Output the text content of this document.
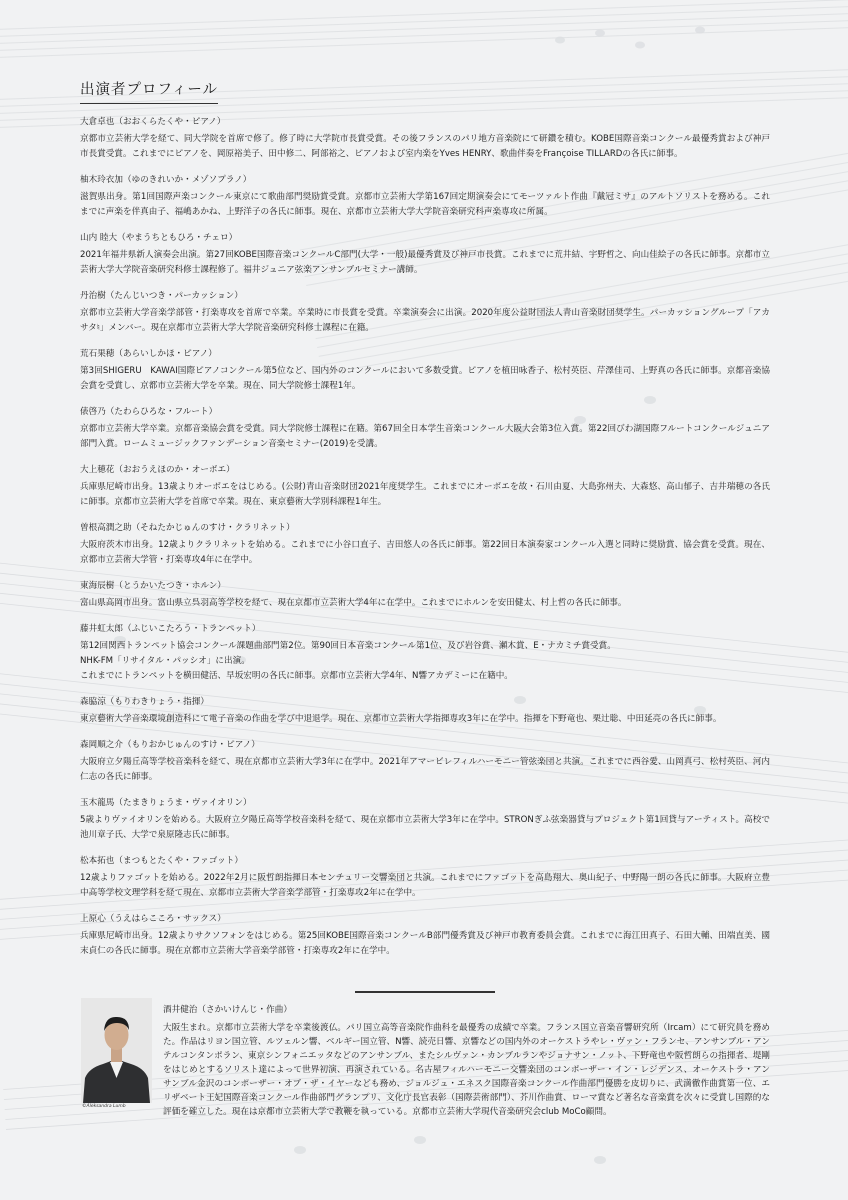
出演者プロフィール
大倉卓也（おおくらたくや・ピアノ）
京都市立芸術大学を経て、同大学院を首席で修了。修了時に大学院市長賞受賞。その後フランスのパリ地方音楽院にて研鑽を積む。KOBE国際音楽コンクール最優秀賞および神戸市長賞受賞。これまでにピアノを、岡原裕美子、田中修二、阿部裕之、ピアノおよび室内楽をYves HENRY、歌曲伴奏をFrançoise TILLARDの各氏に師事。
柚木玲衣加（ゆのきれいか・メゾソプラノ）
滋賀県出身。第1回国際声楽コンクール東京にて歌曲部門奨励賞受賞。京都市立芸術大学第167回定期演奏会にてモーツァルト作曲『戴冠ミサ』のアルトソリストを務める。これまでに声楽を伴真由子、福嶋あかね、上野洋子の各氏に師事。現在、京都市立芸術大学大学院音楽研究科声楽専攻に所属。
山内 睦大（やまうちともひろ・チェロ）
2021年福井県新人演奏会出演。第27回KOBE国際音楽コンクールC部門(大学・一般)最優秀賞及び神戸市長賞。これまでに荒井結、宇野哲之、向山佳絵子の各氏に師事。京都市立芸術大学大学院音楽研究科修士課程修了。福井ジュニア弦楽アンサンブルセミナー講師。
丹治樹（たんじいつき・パーカッション）
京都市立芸術大学音楽学部管・打楽専攻を首席で卒業。卒業時に市長賞を受賞。卒業演奏会に出演。2020年度公益財団法人青山音楽財団奨学生。パーカッショングループ「アカサタ♮」メンバー。現在京都市立芸術大学大学院音楽研究科修士課程に在籍。
荒石果穂（あらいしかほ・ピアノ）
第3回SHIGERU　KAWAI国際ピアノコンクール第5位など、国内外のコンクールにおいて多数受賞。ピアノを植田咏香子、松村英臣、芹澤佳司、上野真の各氏に師事。京都音楽協会賞を受賞し、京都市立芸術大学を卒業。現在、同大学院修士課程1年。
俵啓乃（たわらひろな・フルート）
京都市立芸術大学卒業。京都音楽協会賞を受賞。同大学院修士課程に在籍。第67回全日本学生音楽コンクール大阪大会第3位入賞。第22回びわ湖国際フルートコンクールジュニア部門入賞。ロームミュージックファンデーション音楽セミナー(2019)を受講。
大上穂花（おおうえほのか・オーボエ）
兵庫県尼崎市出身。13歳よりオーボエをはじめる。(公財)青山音楽財団2021年度奨学生。これまでにオーボエを故・石川由夏、大島弥州夫、大森悠、高山郁子、吉井瑞穂の各氏に師事。京都市立芸術大学を首席で卒業。現在、東京藝術大学別科課程1年生。
曽根高潤之助（そねたかじゅんのすけ・クラリネット）
大阪府茨木市出身。12歳よりクラリネットを始める。これまでに小谷口直子、吉田悠人の各氏に師事。第22回日本演奏家コンクール入選と同時に奨励賞、協会賞を受賞。現在、京都市立芸術大学管・打楽専攻4年に在学中。
東海辰樹（とうかいたつき・ホルン）
富山県高岡市出身。富山県立呉羽高等学校を経て、現在京都市立芸術大学4年に在学中。これまでにホルンを安田健太、村上哲の各氏に師事。
藤井虹太郎（ふじいこたろう・トランペット）
第12回関西トランペット協会コンクール課題曲部門第2位。第90回日本音楽コンクール第1位、及び岩谷賞、瀬木賞、E・ナカミチ賞受賞。
NHK-FM「リサイタル・パッシオ」に出演。
これまでにトランペットを横田健活、早坂宏明の各氏に師事。京都市立芸術大学4年、N響アカデミーに在籍中。
森脇涼（もりわきりょう・指揮）
東京藝術大学音楽環境創造科にて電子音楽の作曲を学び中退退学。現在、京都市立芸術大学指揮専攻3年に在学中。指揮を下野竜也、栗辻聡、中田延亮の各氏に師事。
森岡順之介（もりおかじゅんのすけ・ピアノ）
大阪府立夕陽丘高等学校音楽科を経て、現在京都市立芸術大学3年に在学中。2021年アマービレフィルハーモニー管弦楽団と共演。これまでに西谷愛、山岡真弓、松村英臣、河内仁志の各氏に師事。
玉木龍馬（たまきりょうま・ヴァイオリン）
5歳よりヴァイオリンを始める。大阪府立夕陽丘高等学校音楽科を経て、現在京都市立芸術大学3年に在学中。STRONぎふ弦楽器貸与プロジェクト第1回貸与アーティスト。高校で池川章子氏、大学で泉原隆志氏に師事。
松本拓也（まつもとたくや・ファゴット）
12歳よりファゴットを始める。2022年2月に阪哲朗指揮日本センチュリー交響楽団と共演。これまでにファゴットを高島翔大、奥山紀子、中野陽一朗の各氏に師事。大阪府立豊中高等学校文理学科を経て現在、京都市立芸術大学音楽学部管・打楽専攻2年に在学中。
上原心（うえはらこころ・サックス）
兵庫県尼崎市出身。12歳よりサクソフォンをはじめる。第25回KOBE国際音楽コンクールB部門優秀賞及び神戸市教育委員会賞。これまでに海江田真子、石田大輔、田端直美、國末貞仁の各氏に師事。現在京都市立芸術大学音楽学部管・打楽専攻2年に在学中。
©Aleksandra Lumb
酒井健治（さかいけんじ・作曲）
大阪生まれ。京都市立芸術大学を卒業後渡仏。パリ国立高等音楽院作曲科を最優秀の成績で卒業。フランス国立音楽音響研究所（Ircam）にて研究員を務めた。作品はリヨン国立管、ルツェルン響、ベルギー国立管、N響、読売日響、京響などの国内外のオーケストラやレ・ヴァン・フランセ、アンサンブル・アンテルコンタンポラン、東京シンフォニエッタなどのアンサンブル、またシルヴァン・カンブルランやジョナサン・ノット、下野竜也や阪哲朗らの指揮者、堤剛をはじめとするソリスト達によって世界初演、再演されている。名古屋フィルハーモニー交響楽団のコンポーザー・イン・レジデンス、オーケストラ・アンサンブル金沢のコンポーザー・オブ・ザ・イヤーなども務め、ジョルジュ・エネスク国際音楽コンクール作曲部門優勝を皮切りに、武満徹作曲賞第一位、エリザベート王妃国際音楽コンクール作曲部門グランプリ、文化庁長官表彰（国際芸術部門）、芥川作曲賞、ローマ賞など著名な音楽賞を次々に受賞し国際的な評価を確立した。現在は京都市立芸術大学で教鞭を執っている。京都市立芸術大学現代音楽研究会club MoCo顧問。
